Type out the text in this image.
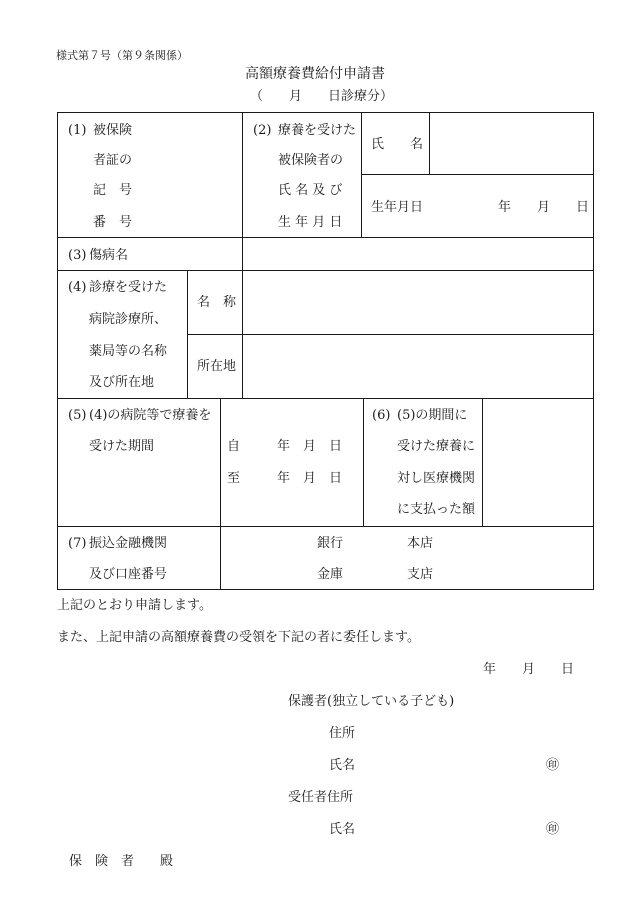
様式第７号（第９条関係）
高額療養費給付申請書
（　　月　　日診療分）
(1) 被保険
者証の
記　号
番　号
(2) 療養を受けた
被保険者の
氏 名 及 び
生 年 月 日
氏　　名
生年月日	年　　月　　日
(3) 傷病名
(4) 診療を受けた
病院診療所、
薬局等の名称
及び所在地
名　称
所在地
(5) (4)の病院等で療養を
受けた期間	自	年　月　日
至	年　月　日
(6) (5)の期間に
受けた療養に
対し医療機関
に支払った額
(7) 振込金融機関
及び口座番号
銀行	本店
金庫	支店
上記のとおり申請します。
また、上記申請の高額療養費の受領を下記の者に委任します。
年　　月　　日
保護者(独立している子ども)
住所
氏名	㊞
受任者住所
氏名	㊞
保　険　者　　殿
